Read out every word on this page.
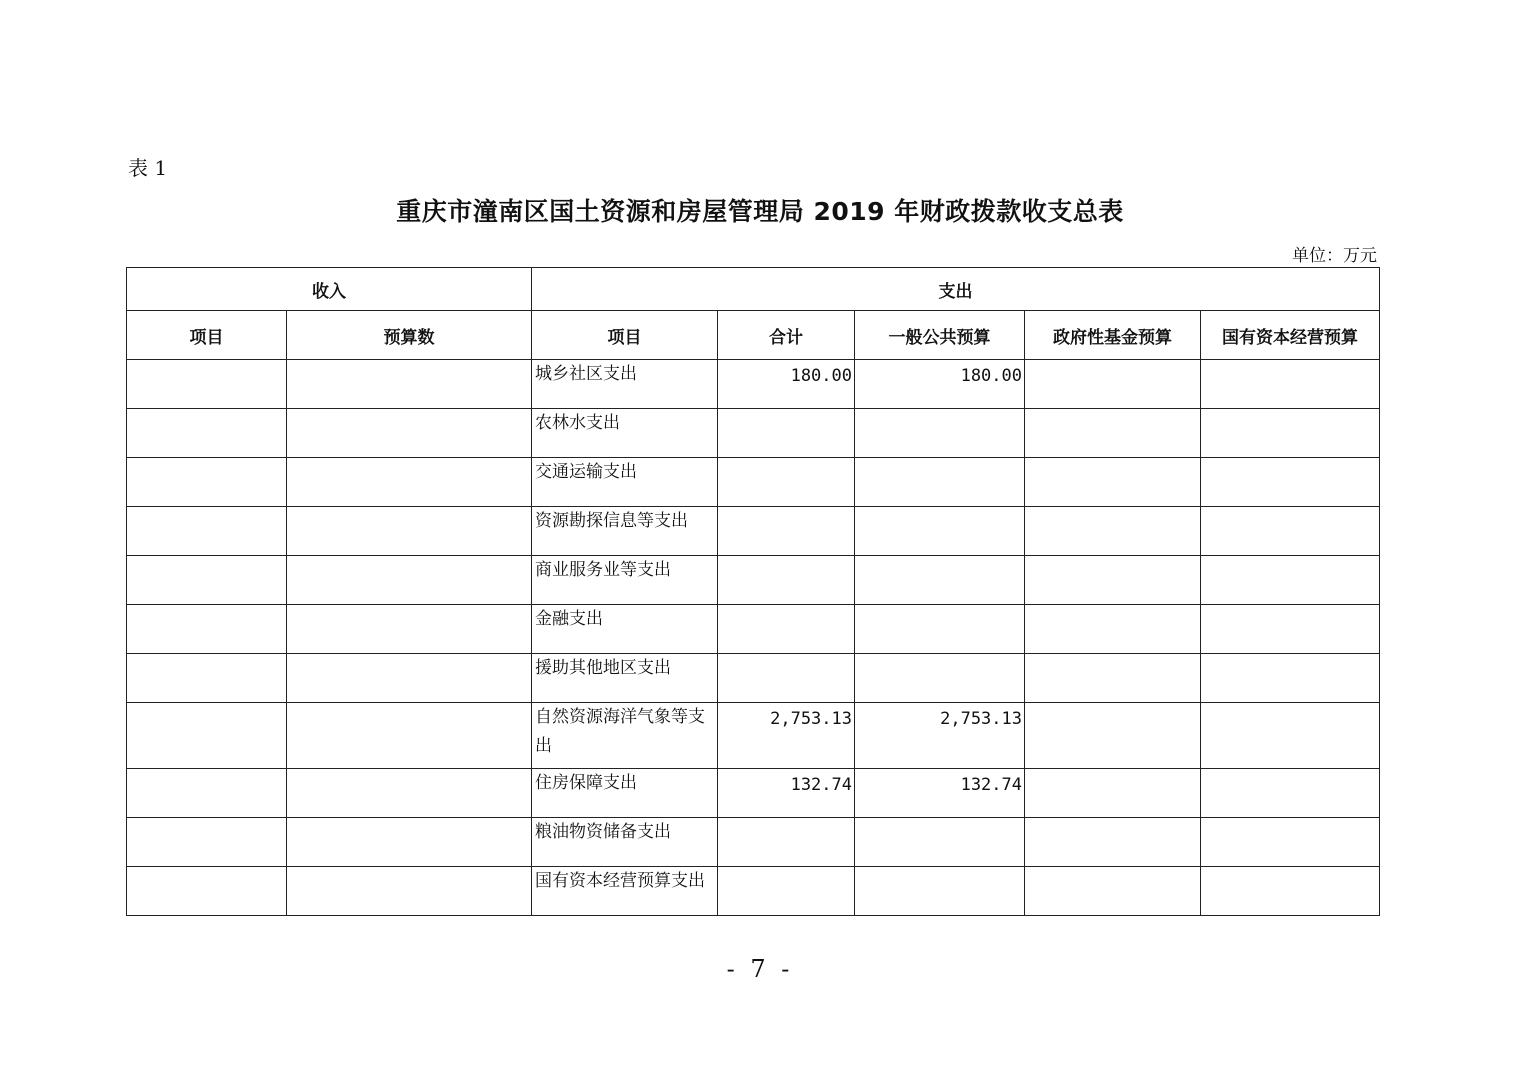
表 1
重庆市潼南区国土资源和房屋管理局 2019 年财政拨款收支总表
单位：万元
收入		支出				
项目	预算数	项目	合计	一般公共预算	政府性基金预算	国有资本经营预算

		城乡社区支出	180.00	180.00		

		农林水支出				

		交通运输支出				

		资源勘探信息等支出				

		商业服务业等支出				

		金融支出				

		援助其他地区支出				

		自然资源海洋气象等支出	2,753.13	2,753.13		

		住房保障支出	132.74	132.74		

		粮油物资储备支出				

		国有资本经营预算支出				

- 7 -
